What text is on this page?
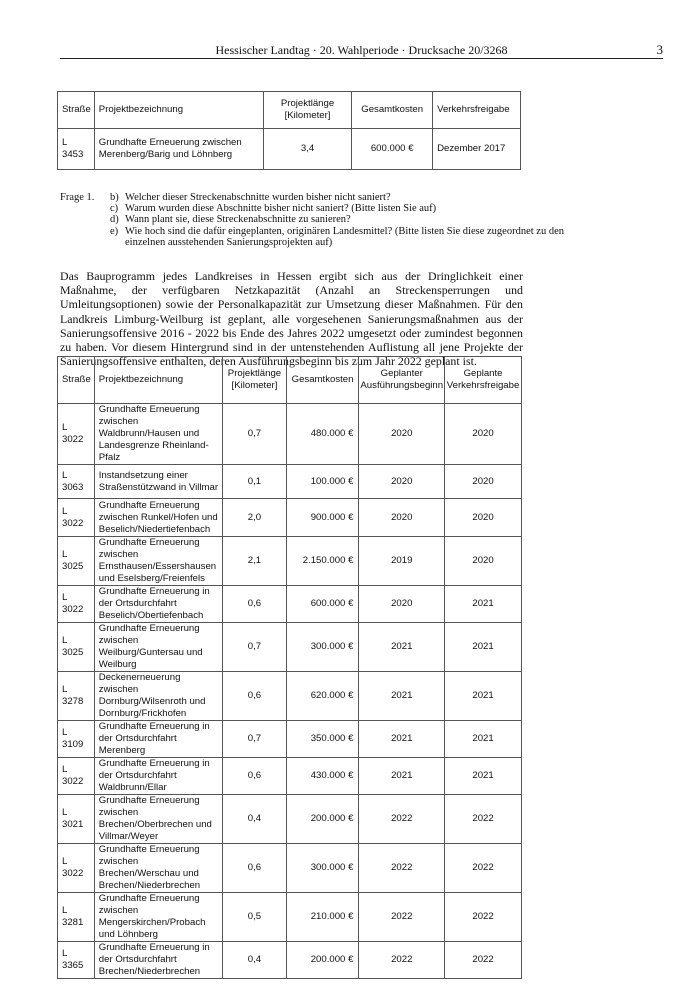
Hessischer Landtag · 20. Wahlperiode · Drucksache 20/3268	3
Straße	Projektbezeichnung	Projektlänge [Kilometer]	Gesamtkosten	Verkehrsfreigabe
L 3453	Grundhafte Erneuerung zwischen Merenberg/Barig und Löhnberg	3,4	600.000 €	Dezember 2017
Frage 1. b) Welcher dieser Streckenabschnitte wurden bisher nicht saniert?
c) Warum wurden diese Abschnitte bisher nicht saniert? (Bitte listen Sie auf)
d) Wann plant sie, diese Streckenabschnitte zu sanieren?
e) Wie hoch sind die dafür eingeplanten, originären Landesmittel? (Bitte listen Sie diese zugeordnet zu den einzelnen ausstehenden Sanierungsprojekten auf)

Das Bauprogramm jedes Landkreises in Hessen ergibt sich aus der Dringlichkeit einer Maßnahme, der verfügbaren Netzkapazität (Anzahl an Streckensperrungen und Umleitungsoptionen) sowie der Personalkapazität zur Umsetzung dieser Maßnahmen. Für den Landkreis Limburg-Weilburg ist geplant, alle vorgesehenen Sanierungsmaßnahmen aus der Sanierungsoffensive 2016 - 2022 bis Ende des Jahres 2022 umgesetzt oder zumindest begonnen zu haben. Vor diesem Hintergrund sind in der untenstehenden Auflistung all jene Projekte der Sanierungsoffensive enthalten, deren Ausführungsbeginn bis zum Jahr 2022 geplant ist.

Straße	Projektbezeichnung	Projektlänge [Kilometer]	Gesamtkosten	Geplanter Ausführungsbeginn	Geplante Verkehrsfreigabe
L 3022	Grundhafte Erneuerung zwischen Waldbrunn/Hausen und Landesgrenze Rheinland-Pfalz	0,7	480.000 €	2020	2020
L 3063	Instandsetzung einer Straßenstützwand in Villmar	0,1	100.000 €	2020	2020
L 3022	Grundhafte Erneuerung zwischen Runkel/Hofen und Beselich/Niedertiefenbach	2,0	900.000 €	2020	2020
L 3025	Grundhafte Erneuerung zwischen Ernsthausen/Essershausen und Eselsberg/Freienfels	2,1	2.150.000 €	2019	2020
L 3022	Grundhafte Erneuerung in der Ortsdurchfahrt Beselich/Obertiefenbach	0,6	600.000 €	2020	2021
L 3025	Grundhafte Erneuerung zwischen Weilburg/Guntersau und Weilburg	0,7	300.000 €	2021	2021
L 3278	Deckenerneuerung zwischen Dornburg/Wilsenroth und Dornburg/Frickhofen	0,6	620.000 €	2021	2021
L 3109	Grundhafte Erneuerung in der Ortsdurchfahrt Merenberg	0,7	350.000 €	2021	2021
L 3022	Grundhafte Erneuerung in der Ortsdurchfahrt Waldbrunn/Ellar	0,6	430.000 €	2021	2021
L 3021	Grundhafte Erneuerung zwischen Brechen/Oberbrechen und Villmar/Weyer	0,4	200.000 €	2022	2022
L 3022	Grundhafte Erneuerung zwischen Brechen/Werschau und Brechen/Niederbrechen	0,6	300.000 €	2022	2022
L 3281	Grundhafte Erneuerung zwischen Mengerskirchen/Probach und Löhnberg	0,5	210.000 €	2022	2022
L 3365	Grundhafte Erneuerung in der Ortsdurchfahrt Brechen/Niederbrechen	0,4	200.000 €	2022	2022
